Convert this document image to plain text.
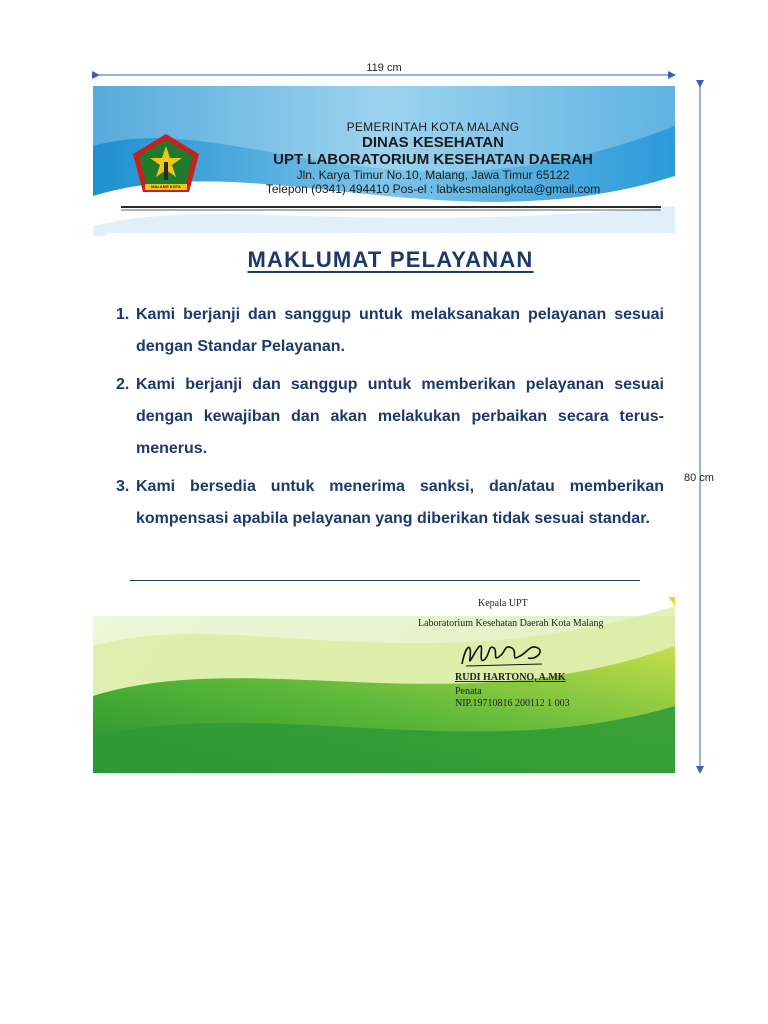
119 cm
80 cm
MALANG KOTA
PEMERINTAH KOTA MALANG
DINAS KESEHATAN
UPT LABORATORIUM KESEHATAN DAERAH
Jln. Karya Timur No.10, Malang, Jawa Timur 65122
Telepon (0341) 494410 Pos-el : labkesmalangkota@gmail.com
MAKLUMAT PELAYANAN
1. Kami berjanji dan sanggup untuk melaksanakan pelayanan sesuai dengan Standar Pelayanan.
2. Kami berjanji dan sanggup untuk memberikan pelayanan sesuai dengan kewajiban dan akan melakukan perbaikan secara terus-menerus.
3. Kami bersedia untuk menerima sanksi, dan/atau memberikan kompensasi apabila pelayanan yang diberikan tidak sesuai standar.
Kepala UPT
Laboratorium Kesehatan Daerah Kota Malang
RUDI HARTONO, A.MK
Penata
NIP.19710816 200112 1 003
